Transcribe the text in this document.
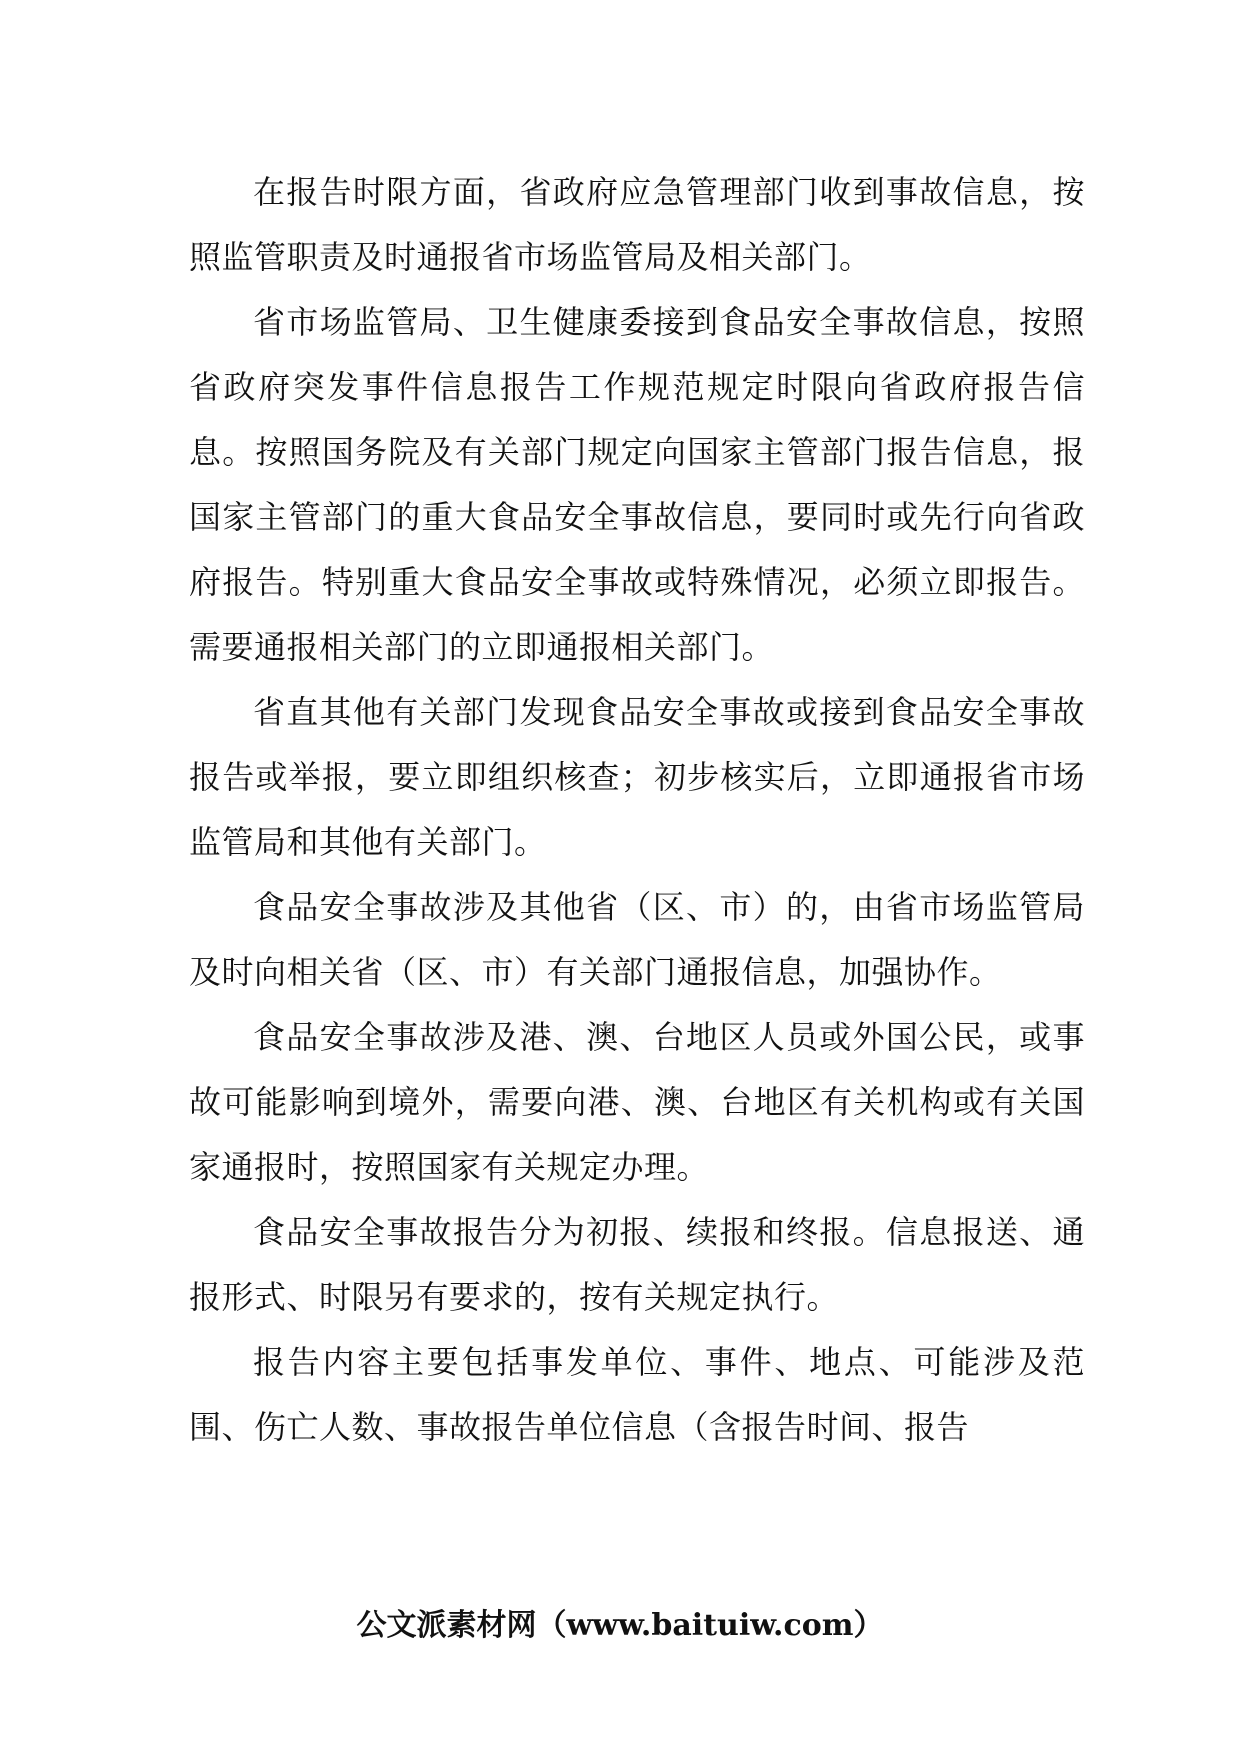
在报告时限方面，省政府应急管理部门收到事故信息，按照监管职责及时通报省市场监管局及相关部门。

省市场监管局、卫生健康委接到食品安全事故信息，按照省政府突发事件信息报告工作规范规定时限向省政府报告信息。按照国务院及有关部门规定向国家主管部门报告信息，报国家主管部门的重大食品安全事故信息，要同时或先行向省政府报告。特别重大食品安全事故或特殊情况，必须立即报告。需要通报相关部门的立即通报相关部门。

省直其他有关部门发现食品安全事故或接到食品安全事故报告或举报，要立即组织核查；初步核实后，立即通报省市场监管局和其他有关部门。

食品安全事故涉及其他省（区、市）的，由省市场监管局及时向相关省（区、市）有关部门通报信息，加强协作。

食品安全事故涉及港、澳、台地区人员或外国公民，或事故可能影响到境外，需要向港、澳、台地区有关机构或有关国家通报时，按照国家有关规定办理。

食品安全事故报告分为初报、续报和终报。信息报送、通报形式、时限另有要求的，按有关规定执行。

报告内容主要包括事发单位、事件、地点、可能涉及范围、伤亡人数、事故报告单位信息（含报告时间、报告

公文派素材网（www.baituiw.com）
